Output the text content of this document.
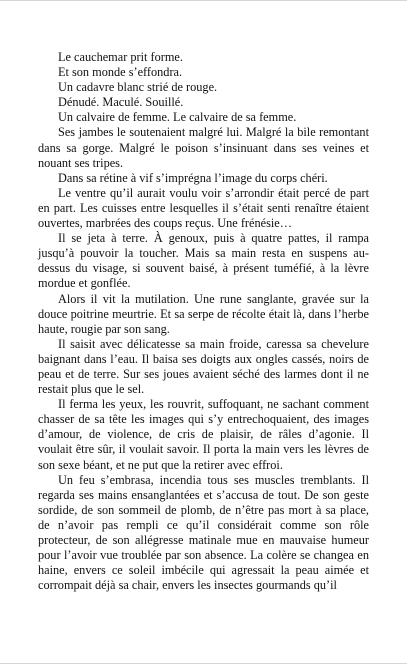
Le cauchemar prit forme.

Et son monde s’effondra.

Un cadavre blanc strié de rouge.

Dénudé. Maculé. Souillé.

Un calvaire de femme. Le calvaire de sa femme.

Ses jambes le soutenaient malgré lui. Malgré la bile remontant dans sa gorge. Malgré le poison s’insinuant dans ses veines et nouant ses tripes.

Dans sa rétine à vif s’imprégna l’image du corps chéri.

Le ventre qu’il aurait voulu voir s’arrondir était percé de part en part. Les cuisses entre lesquelles il s’était senti renaître étaient ouvertes, marbrées des coups reçus. Une frénésie…

Il se jeta à terre. À genoux, puis à quatre pattes, il rampa jusqu’à pouvoir la toucher. Mais sa main resta en suspens au-dessus du visage, si souvent baisé, à présent tuméfié, à la lèvre mordue et gonflée.

Alors il vit la mutilation. Une rune sanglante, gravée sur la douce poitrine meurtrie. Et sa serpe de récolte était là, dans l’herbe haute, rougie par son sang.

Il saisit avec délicatesse sa main froide, caressa sa chevelure baignant dans l’eau. Il baisa ses doigts aux ongles cassés, noirs de peau et de terre. Sur ses joues avaient séché des larmes dont il ne restait plus que le sel.

Il ferma les yeux, les rouvrit, suffoquant, ne sachant comment chasser de sa tête les images qui s’y entrechoquaient, des images d’amour, de violence, de cris de plaisir, de râles d’agonie. Il voulait être sûr, il voulait savoir. Il porta la main vers les lèvres de son sexe béant, et ne put que la retirer avec effroi.

Un feu s’embrasa, incendia tous ses muscles tremblants. Il regarda ses mains ensanglantées et s’accusa de tout. De son geste sordide, de son sommeil de plomb, de n’être pas mort à sa place, de n’avoir pas rempli ce qu’il considérait comme son rôle protecteur, de son allégresse matinale mue en mauvaise humeur pour l’avoir vue troublée par son absence. La colère se changea en haine, envers ce soleil imbécile qui agressait la peau aimée et corrompait déjà sa chair, envers les insectes gourmands qu’il
